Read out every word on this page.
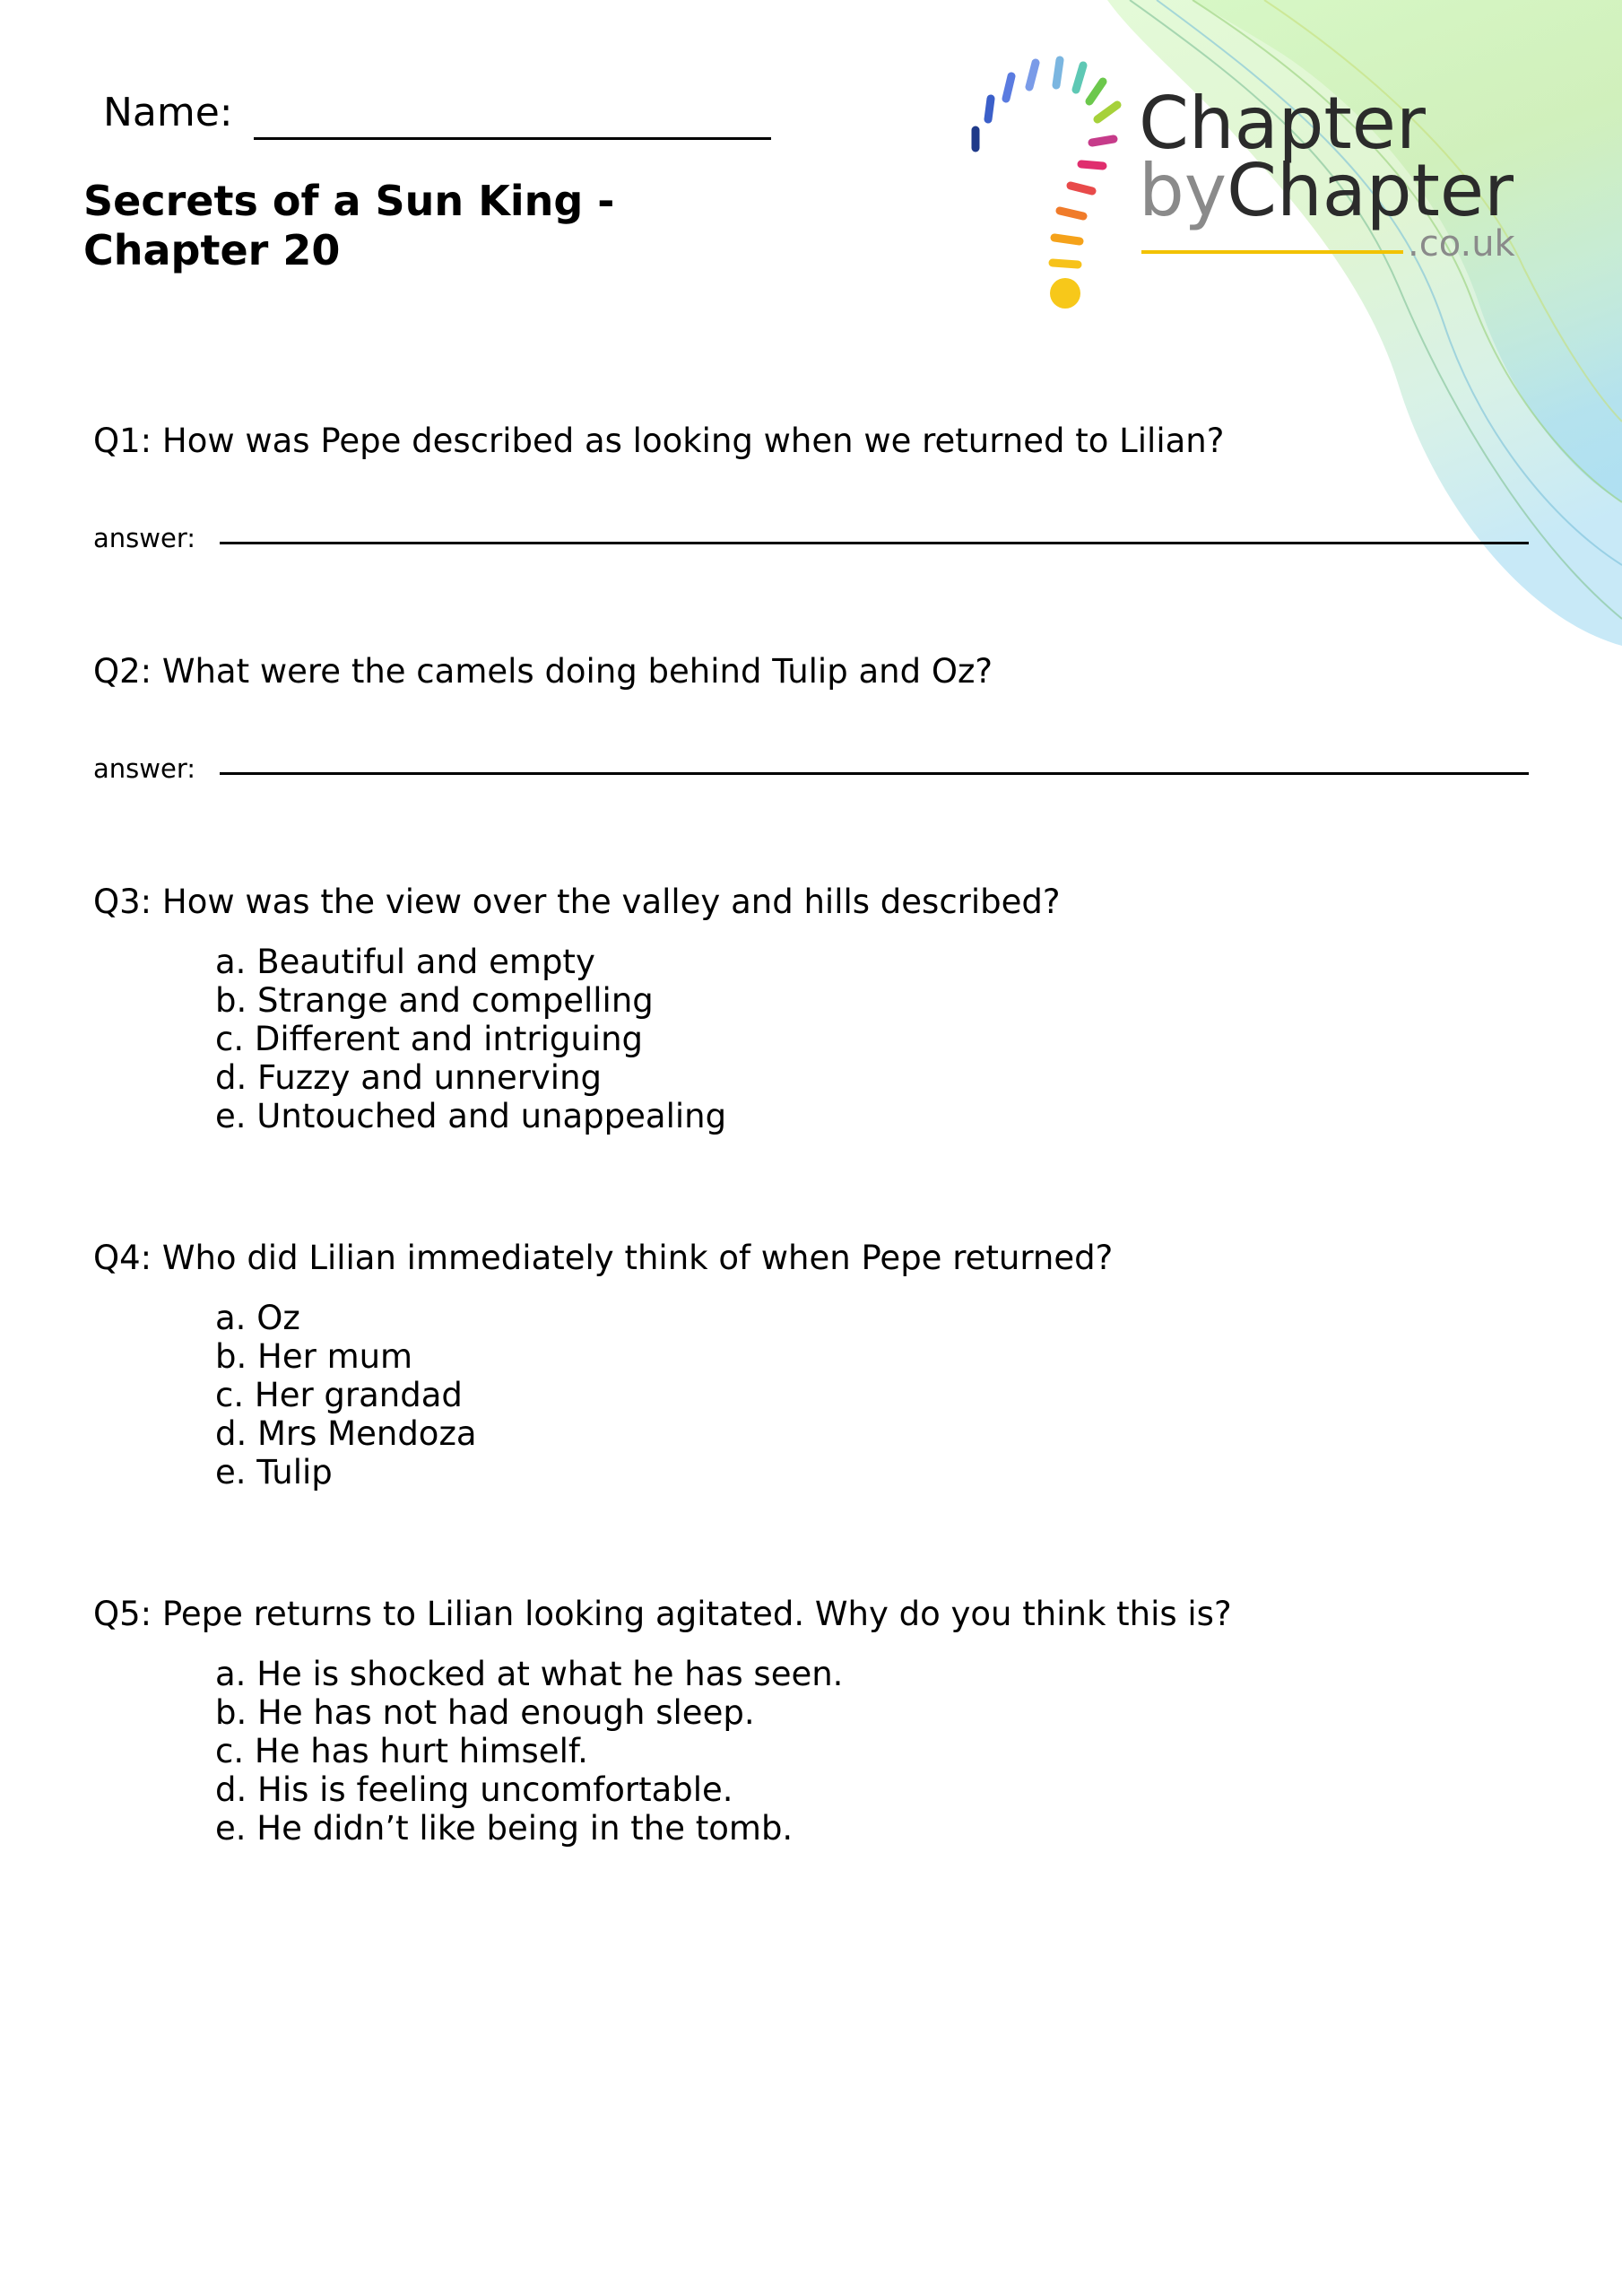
Name:
Secrets of a Sun King -
Chapter 20
Chapter
byChapter
.co.uk
Q1: How was Pepe described as looking when we returned to Lilian?
answer:
Q2: What were the camels doing behind Tulip and Oz?
answer:
Q3: How was the view over the valley and hills described?
a. Beautiful and empty
b. Strange and compelling
c. Different and intriguing
d. Fuzzy and unnerving
e. Untouched and unappealing
Q4: Who did Lilian immediately think of when Pepe returned?
a. Oz
b. Her mum
c. Her grandad
d. Mrs Mendoza
e. Tulip
Q5: Pepe returns to Lilian looking agitated. Why do you think this is?
a. He is shocked at what he has seen.
b. He has not had enough sleep.
c. He has hurt himself.
d. His is feeling uncomfortable.
e. He didn’t like being in the tomb.
